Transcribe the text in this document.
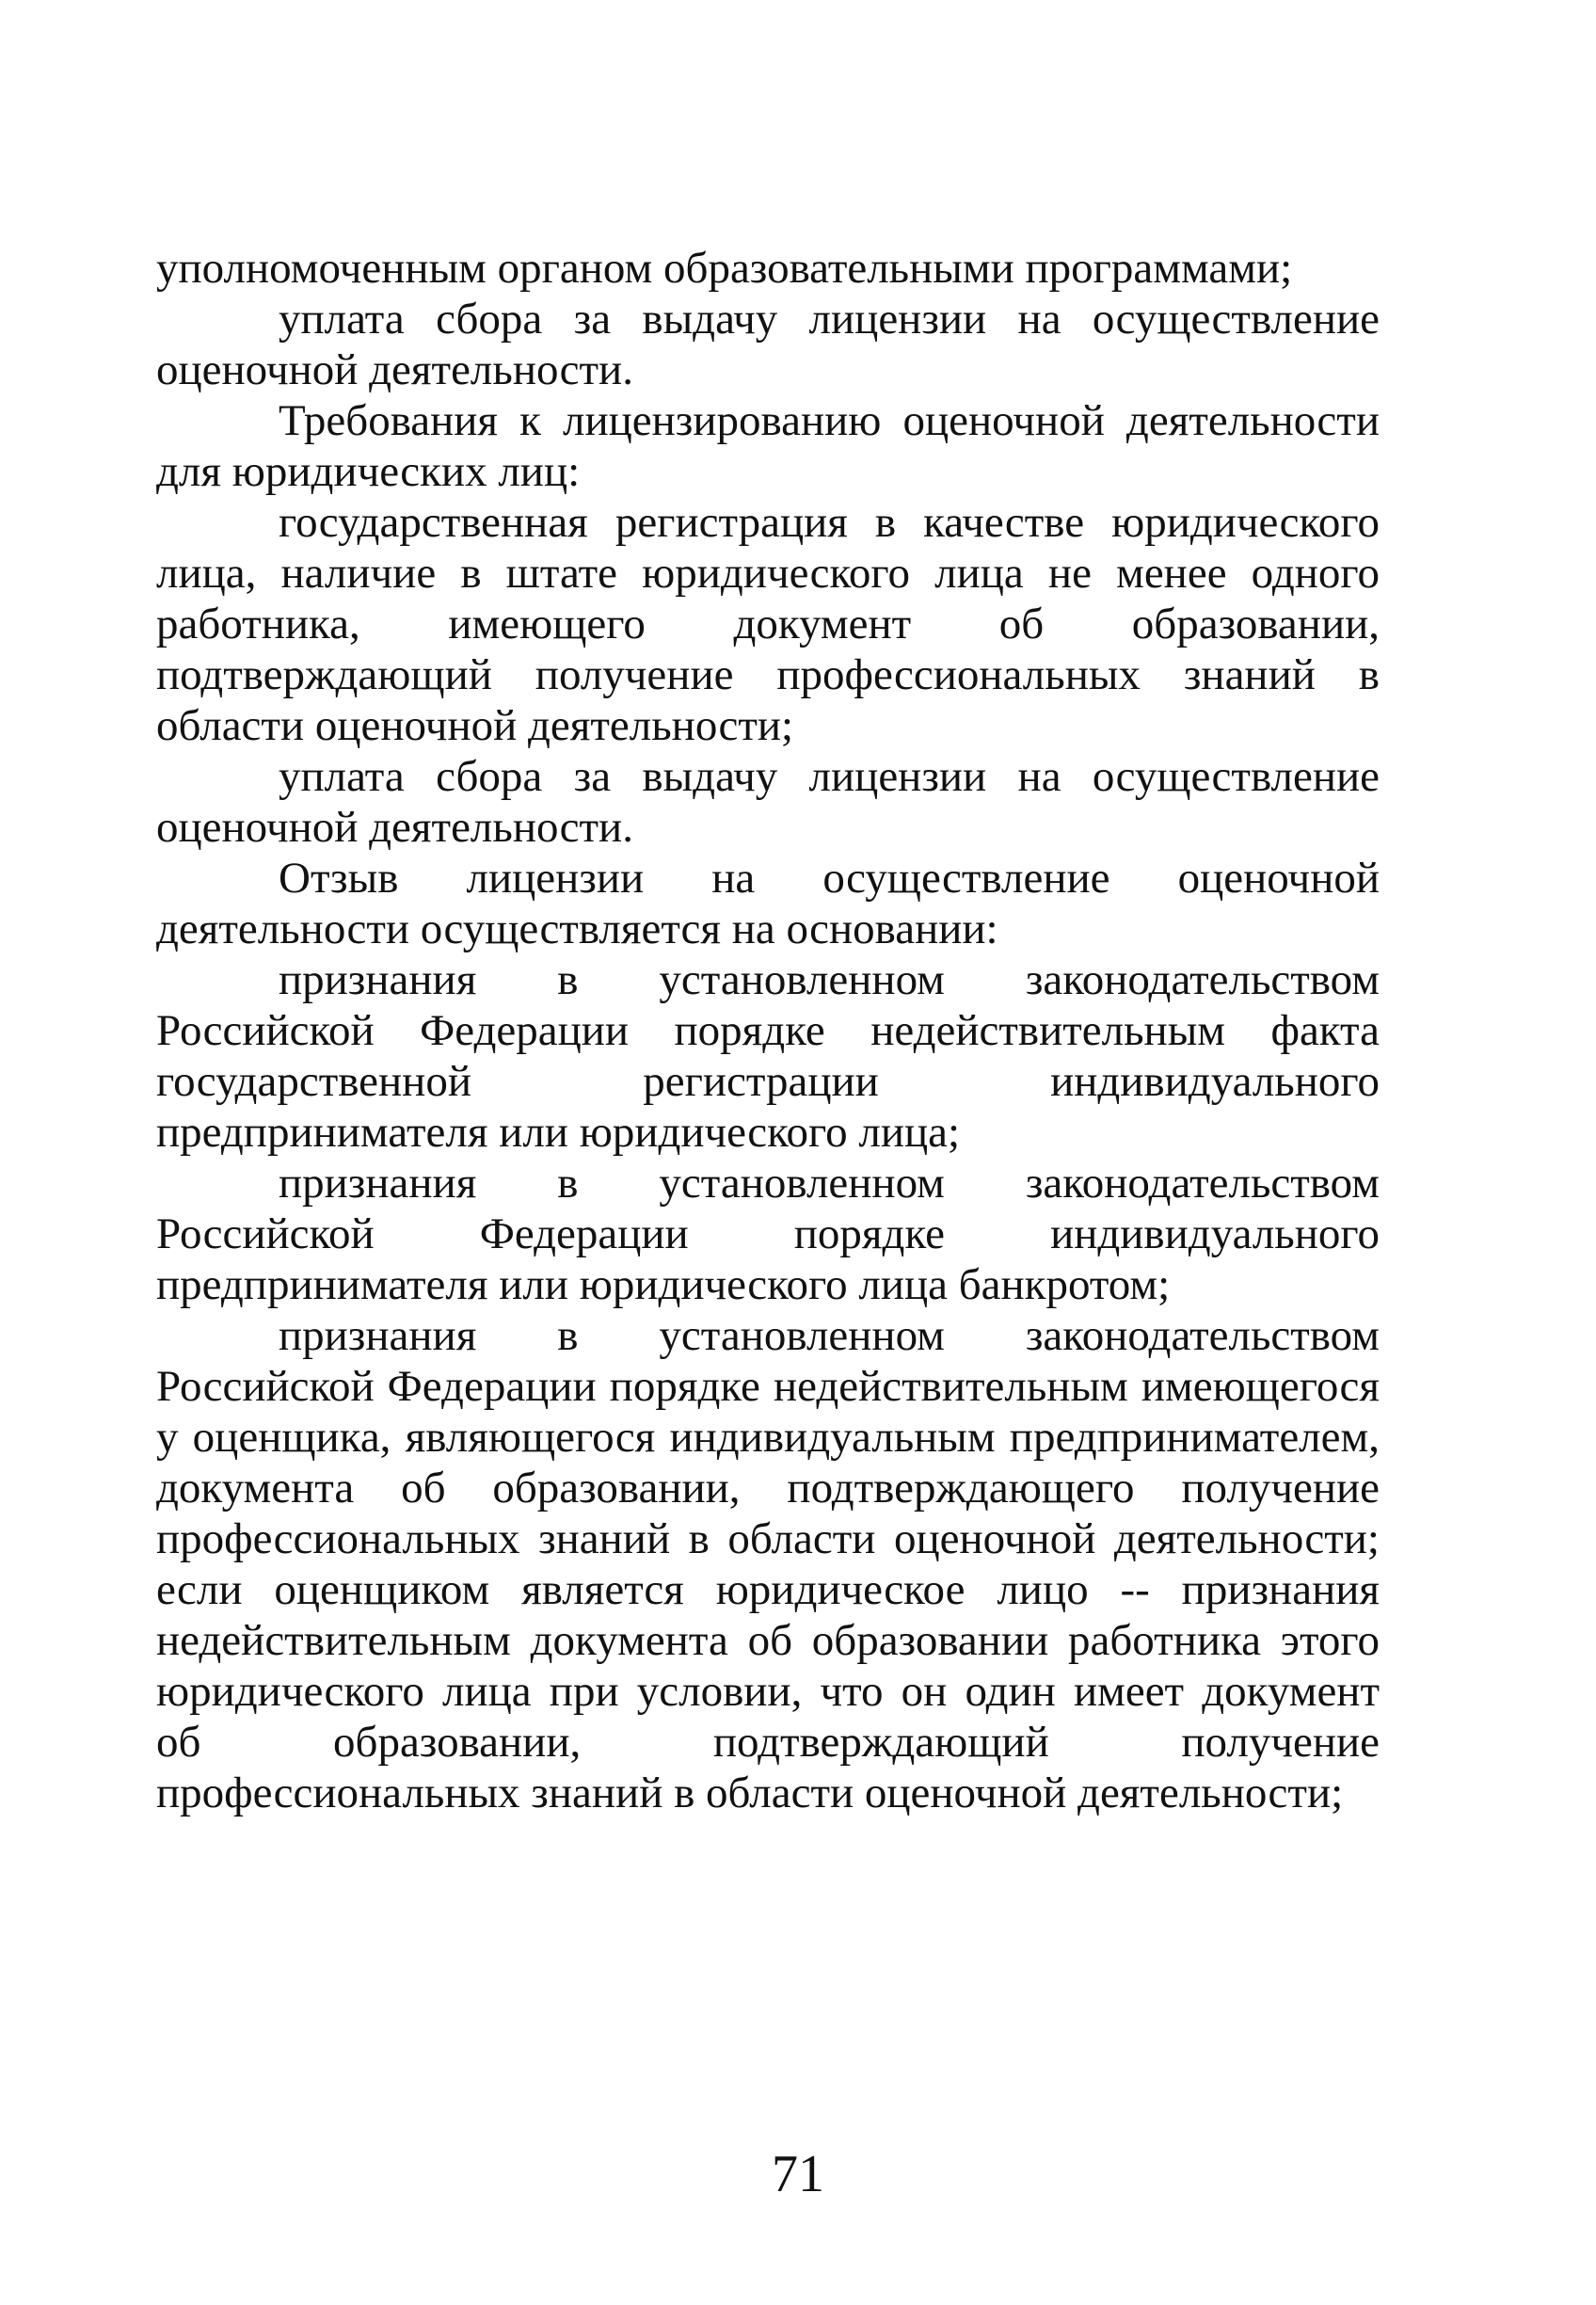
уполномоченным органом образовательными программами;

уплата сбора за выдачу лицензии на осуществление оценочной деятельности.

Требования к лицензированию оценочной деятельности для юридических лиц:

государственная регистрация в качестве юридического лица, наличие в штате юридического лица не менее одного работника, имеющего документ об образовании, подтверждающий получение профессиональных знаний в области оценочной деятельности;

уплата сбора за выдачу лицензии на осуществление оценочной деятельности.

Отзыв лицензии на осуществление оценочной деятельности осуществляется на основании:

признания в установленном законодательством Российской Федерации порядке недействительным факта государственной регистрации индивидуального предпринимателя или юридического лица;

признания в установленном законодательством Российской Федерации порядке индивидуального предпринимателя или юридического лица банкротом;

признания в установленном законодательством Российской Федерации порядке недействительным имеющегося у оценщика, являющегося индивидуальным предпринимателем, документа об образовании, подтверждающего получение профессиональных знаний в области оценочной деятельности; если оценщиком является юридическое лицо -- признания недействительным документа об образовании работника этого юридического лица при условии, что он один имеет документ об образовании, подтверждающий получение профессиональных знаний в области оценочной деятельности;

71
